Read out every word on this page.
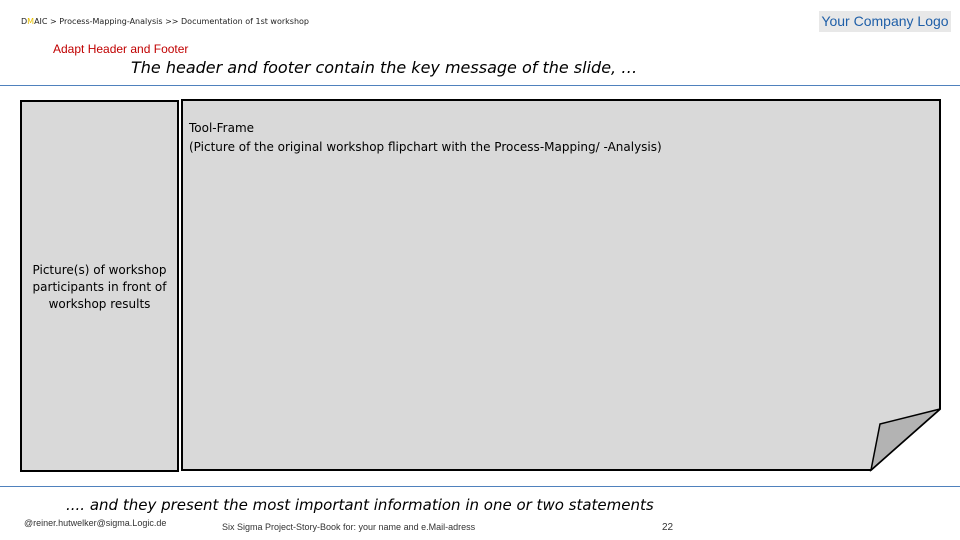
DMAIC > Process-Mapping-Analysis >> Documentation of 1st workshop	Your Company Logo
Adapt Header and Footer
The header and footer contain the key message of the slide, …
Picture(s) of workshop participants in front of workshop results
Tool-Frame
(Picture of the original workshop flipchart with the Process-Mapping/ -Analysis)
.... and they present the most important information in one or two statements
@reiner.hutwelker@sigma.Logic.de	Six Sigma Project-Story-Book for: your name and e.Mail-adress	22
